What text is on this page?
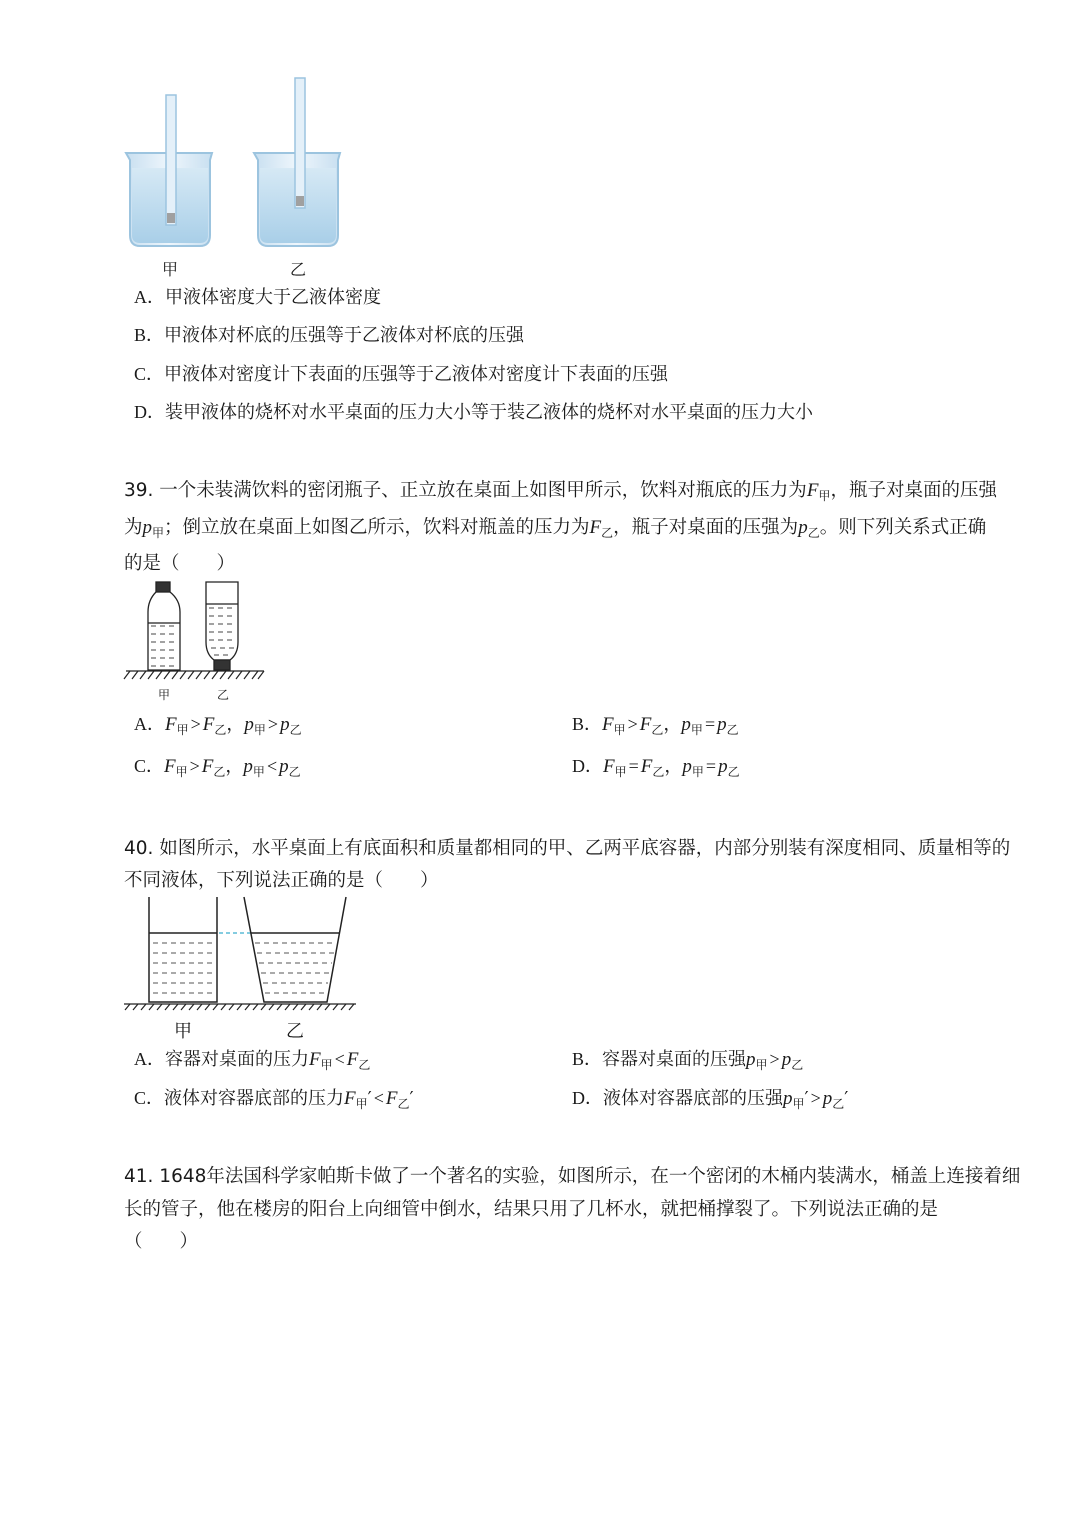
甲	乙
A．甲液体密度大于乙液体密度
B．甲液体对杯底的压强等于乙液体对杯底的压强
C．甲液体对密度计下表面的压强等于乙液体对密度计下表面的压强
D．装甲液体的烧杯对水平桌面的压力大小等于装乙液体的烧杯对水平桌面的压力大小
39. 一个未装满饮料的密闭瓶子、正立放在桌面上如图甲所示，饮料对瓶底的压力为$F_甲$，瓶子对桌面的压强
为$p_甲$；倒立放在桌面上如图乙所示，饮料对瓶盖的压力为$F_乙$，瓶子对桌面的压强为$p_乙$。则下列关系式正确
的是（　　）
甲	乙
A．$F_甲 > F_乙$，$p_甲 > p_乙$	B．$F_甲 > F_乙$，$p_甲 = p_乙$
C．$F_甲 > F_乙$，$p_甲 < p_乙$	D．$F_甲 = F_乙$，$p_甲 = p_乙$
40. 如图所示，水平桌面上有底面积和质量都相同的甲、乙两平底容器，内部分别装有深度相同、质量相等的
不同液体，下列说法正确的是（　　）
甲	乙
A．容器对桌面的压力$F_甲 < F_乙$	B．容器对桌面的压强$p_甲 > p_乙$
C．液体对容器底部的压力$F_甲' < F_乙'$	D．液体对容器底部的压强$p_甲' > p_乙'$
41. 1648年法国科学家帕斯卡做了一个著名的实验，如图所示，在一个密闭的木桶内装满水，桶盖上连接着细
长的管子，他在楼房的阳台上向细管中倒水，结果只用了几杯水，就把桶撑裂了。下列说法正确的是
（　　）
